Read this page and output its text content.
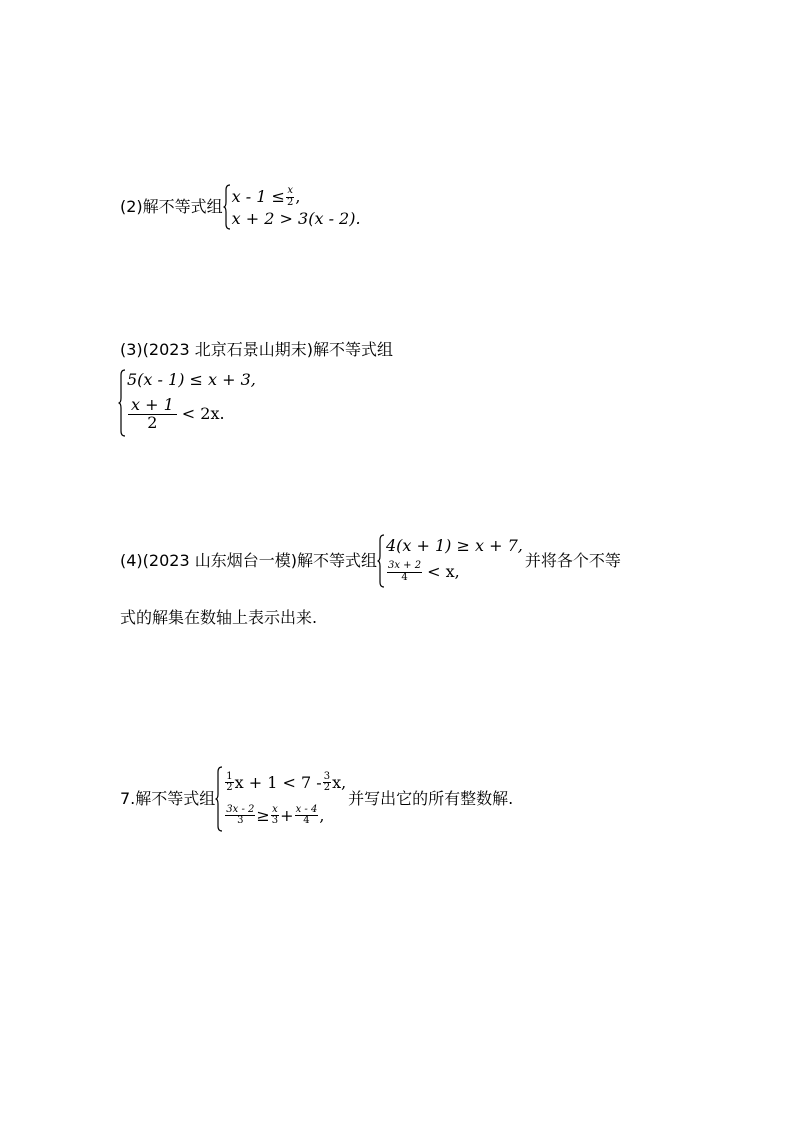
(2)解不等式组
$x - 1 \le \frac{x}{2}$ ,
x + 2 > 3(x - 2).
(3)(2023 北京石景山期末)解不等式组
5(x - 1) ≤ x + 3,
$\frac{x + 1}{2} < 2x$.
(4)(2023 山东烟台一模)解不等式组
4(x + 1) ≥ x + 7,
$\frac{3x + 2}{4} < x$,
并将各个不等
式的解集在数轴上表示出来.
7.解不等式组
$\frac{1}{2}$ $x + 1 < 7 - \frac{3}{2} x$,
$\frac{3x - 2}{3} \ge \frac{x}{3} + \frac{x - 4}{4}$ ,
并写出它的所有整数解.
